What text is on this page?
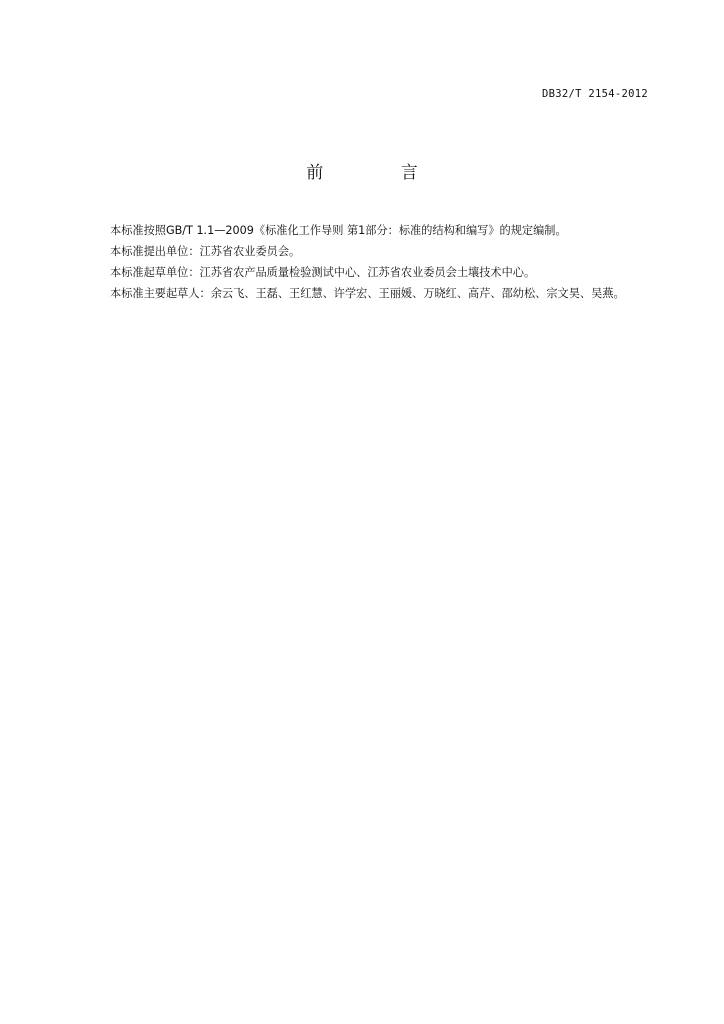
DB32/T 2154-2012
前 言

本标准按照GB/T 1.1—2009《标准化工作导则 第1部分：标准的结构和编写》的规定编制。

本标准提出单位：江苏省农业委员会。

本标准起草单位：江苏省农产品质量检验测试中心、江苏省农业委员会土壤技术中心。

本标准主要起草人：余云飞、王磊、王红慧、许学宏、王丽媛、万晓红、高芹、邵幼松、宗文昊、吴燕。
